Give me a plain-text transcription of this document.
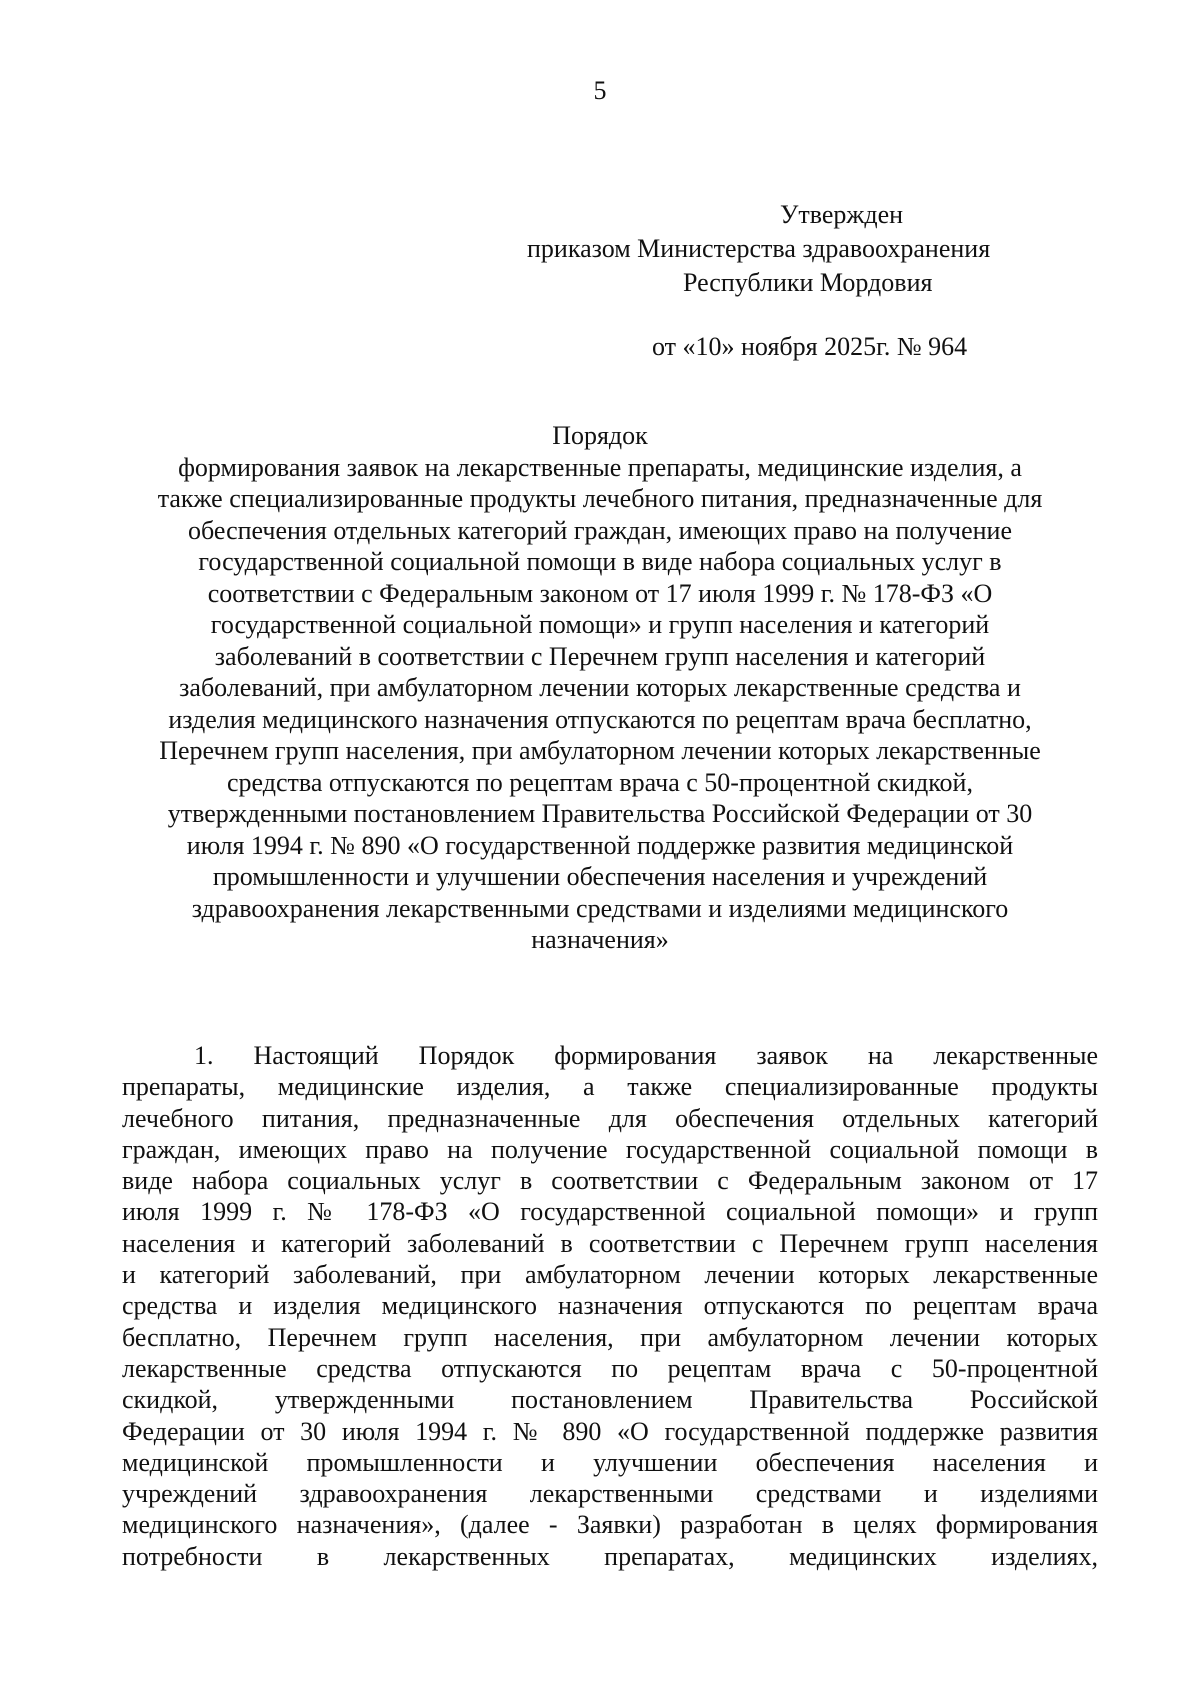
5
Утвержден
приказом Министерства здравоохранения
Республики Мордовия
от «10» ноября 2025г. № 964
Порядок
формирования заявок на лекарственные препараты, медицинские изделия, а
также специализированные продукты лечебного питания, предназначенные для
обеспечения отдельных категорий граждан, имеющих право на получение
государственной социальной помощи в виде набора социальных услуг в
соответствии с Федеральным законом от 17 июля 1999 г. № 178-ФЗ «О
государственной социальной помощи» и групп населения и категорий
заболеваний в соответствии с Перечнем групп населения и категорий
заболеваний, при амбулаторном лечении которых лекарственные средства и
изделия медицинского назначения отпускаются по рецептам врача бесплатно,
Перечнем групп населения, при амбулаторном лечении которых лекарственные
средства отпускаются по рецептам врача с 50-процентной скидкой,
утвержденными постановлением Правительства Российской Федерации от 30
июля 1994 г. № 890 «О государственной поддержке развития медицинской
промышленности и улучшении обеспечения населения и учреждений
здравоохранения лекарственными средствами и изделиями медицинского
назначения»
1. Настоящий Порядок формирования заявок на лекарственные
препараты, медицинские изделия, а также специализированные продукты
лечебного питания, предназначенные для обеспечения отдельных категорий
граждан, имеющих право на получение государственной социальной помощи в
виде набора социальных услуг в соответствии с Федеральным законом от 17
июля 1999 г. № 178-ФЗ «О государственной социальной помощи» и групп
населения и категорий заболеваний в соответствии с Перечнем групп населения
и категорий заболеваний, при амбулаторном лечении которых лекарственные
средства и изделия медицинского назначения отпускаются по рецептам врача
бесплатно, Перечнем групп населения, при амбулаторном лечении которых
лекарственные средства отпускаются по рецептам врача с 50-процентной
скидкой, утвержденными постановлением Правительства Российской
Федерации от 30 июля 1994 г. № 890 «О государственной поддержке развития
медицинской промышленности и улучшении обеспечения населения и
учреждений здравоохранения лекарственными средствами и изделиями
медицинского назначения», (далее - Заявки) разработан в целях формирования
потребности в лекарственных препаратах, медицинских изделиях,
